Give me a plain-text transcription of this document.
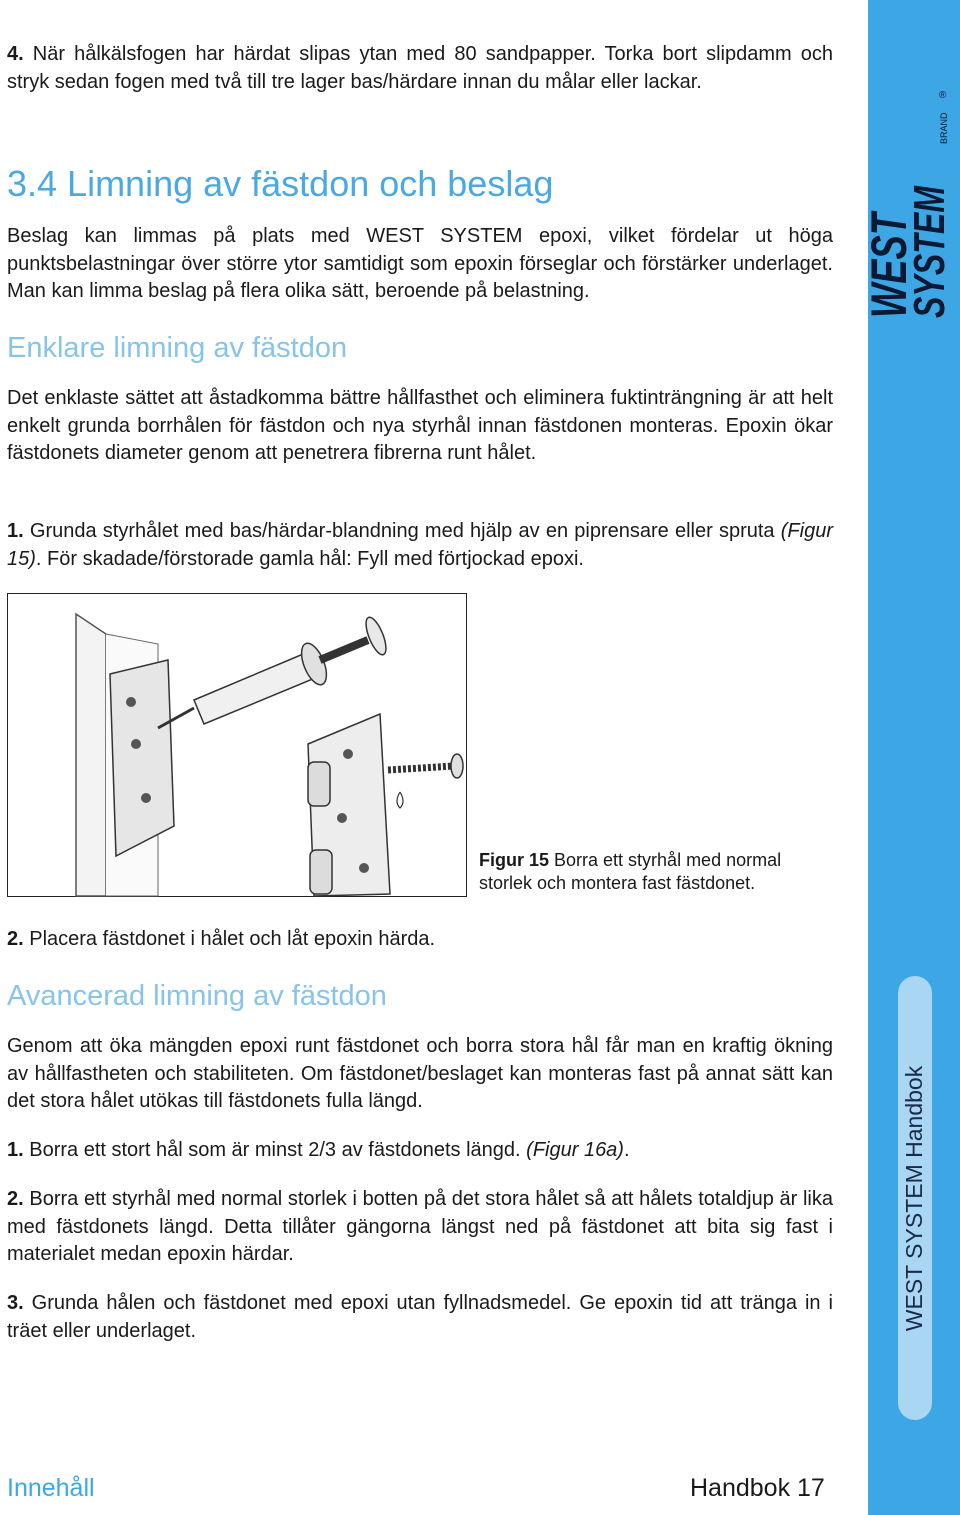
WEST
SYSTEM
BRAND
®
WEST SYSTEM Handbok

4. När hålkälsfogen har härdat slipas ytan med 80 sandpapper. Torka bort slipdamm och stryk sedan fogen med två till tre lager bas/härdare innan du målar eller lackar.

3.4 Limning av fästdon och beslag

Beslag kan limmas på plats med WEST SYSTEM epoxi, vilket fördelar ut höga punktsbelastningar över större ytor samtidigt som epoxin förseglar och förstärker underlaget. Man kan limma beslag på flera olika sätt, beroende på belastning.

Enklare limning av fästdon

Det enklaste sättet att åstadkomma bättre hållfasthet och eliminera fuktinträngning är att helt enkelt grunda borrhålen för fästdon och nya styrhål innan fästdonen monteras. Epoxin ökar fästdonets diameter genom att penetrera fibrerna runt hålet.

1. Grunda styrhålet med bas/härdar-blandning med hjälp av en piprensare eller spruta (Figur 15). För skadade/förstorade gamla hål: Fyll med förtjockad epoxi.

Figur 15 Borra ett styrhål med normal storlek och montera fast fästdonet.

2. Placera fästdonet i hålet och låt epoxin härda.

Avancerad limning av fästdon

Genom att öka mängden epoxi runt fästdonet och borra stora hål får man en kraftig ökning av hållfastheten och stabiliteten. Om fästdonet/beslaget kan monteras fast på annat sätt kan det stora hålet utökas till fästdonets fulla längd.

1. Borra ett stort hål som är minst 2/3 av fästdonets längd. (Figur 16a).

2. Borra ett styrhål med normal storlek i botten på det stora hålet så att hålets totaldjup är lika med fästdonets längd. Detta tillåter gängorna längst ned på fästdonet att bita sig fast i materialet medan epoxin härdar.

3. Grunda hålen och fästdonet med epoxi utan fyllnadsmedel. Ge epoxin tid att tränga in i träet eller underlaget.

Innehåll	Handbok 17
